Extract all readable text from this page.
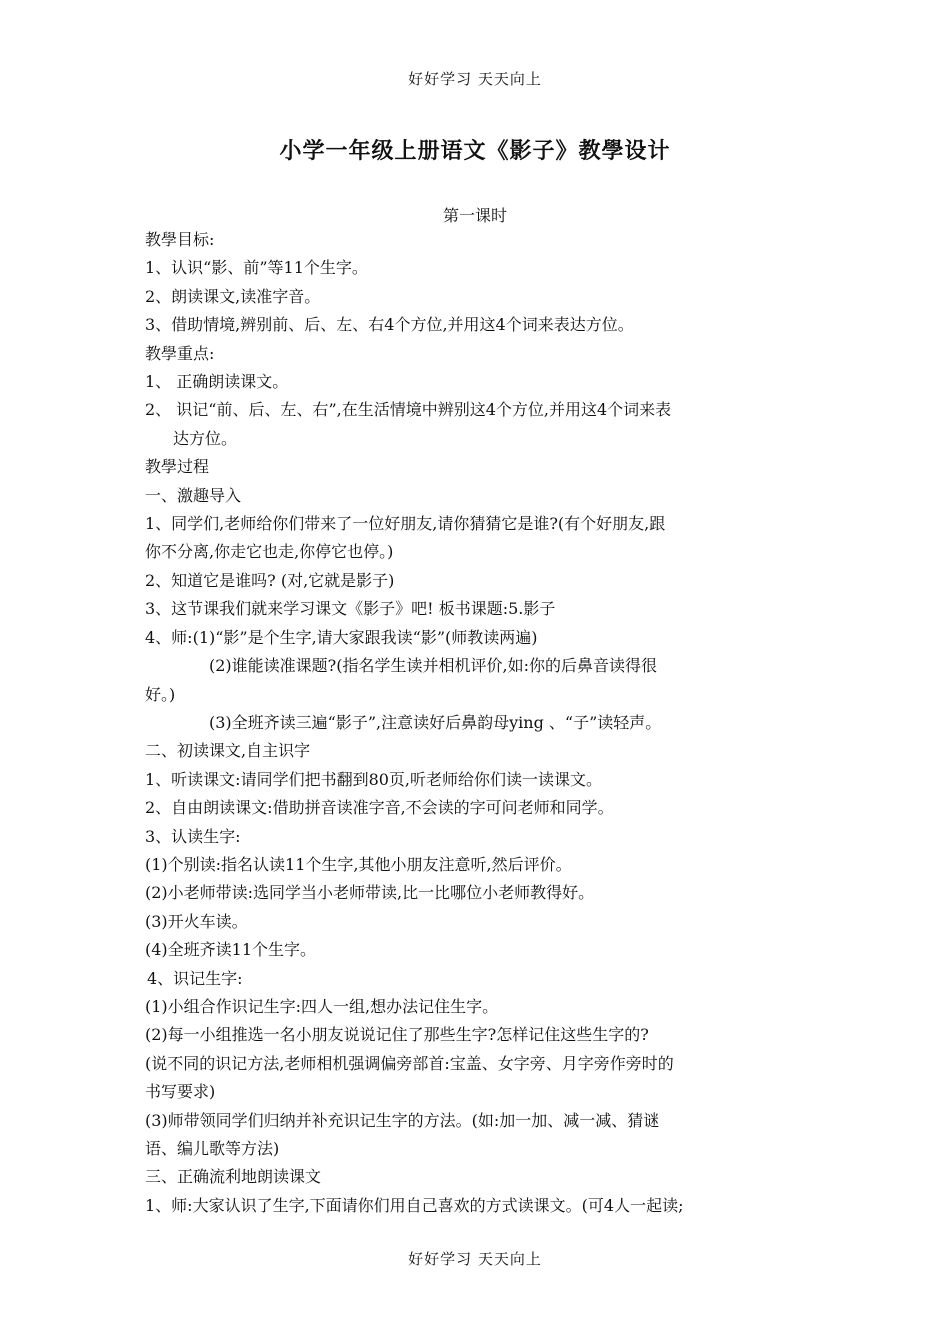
好好学习 天天向上
小学一年级上册语文《影子》教學设计
第一课时
教學目标:
1、认识“影、前”等11个生字。
2、朗读课文,读准字音。
3、借助情境,辨别前、后、左、右4个方位,并用这4个词来表达方位。
教學重点:
1、 正确朗读课文。
2、 识记“前、后、左、右”,在生活情境中辨别这4个方位,并用这4个词来表
达方位。
教學过程
一、激趣导入
1、同学们,老师给你们带来了一位好朋友,请你猜猜它是谁?(有个好朋友,跟
你不分离,你走它也走,你停它也停。)
2、知道它是谁吗? (对,它就是影子)
3、这节课我们就来学习课文《影子》吧! 板书课题:5.影子
4、师:(1)“影”是个生字,请大家跟我读“影”(师教读两遍)
(2)谁能读准课题?(指名学生读并相机评价,如:你的后鼻音读得很
好。)
(3)全班齐读三遍“影子”,注意读好后鼻韵母ying 、“子”读轻声。
二、初读课文,自主识字
1、听读课文:请同学们把书翻到80页,听老师给你们读一读课文。
2、自由朗读课文:借助拼音读准字音,不会读的字可问老师和同学。
3、认读生字:
(1)个别读:指名认读11个生字,其他小朋友注意听,然后评价。
(2)小老师带读:选同学当小老师带读,比一比哪位小老师教得好。
(3)开火车读。
(4)全班齐读11个生字。
4、识记生字:
(1)小组合作识记生字:四人一组,想办法记住生字。
(2)每一小组推选一名小朋友说说记住了那些生字?怎样记住这些生字的?
(说不同的识记方法,老师相机强调偏旁部首:宝盖、女字旁、月字旁作旁时的
书写要求)
(3)师带领同学们归纳并补充识记生字的方法。(如:加一加、减一减、猜谜
语、编儿歌等方法)
三、正确流利地朗读课文
1、师:大家认识了生字,下面请你们用自己喜欢的方式读课文。(可4人一起读;
好好学习 天天向上
